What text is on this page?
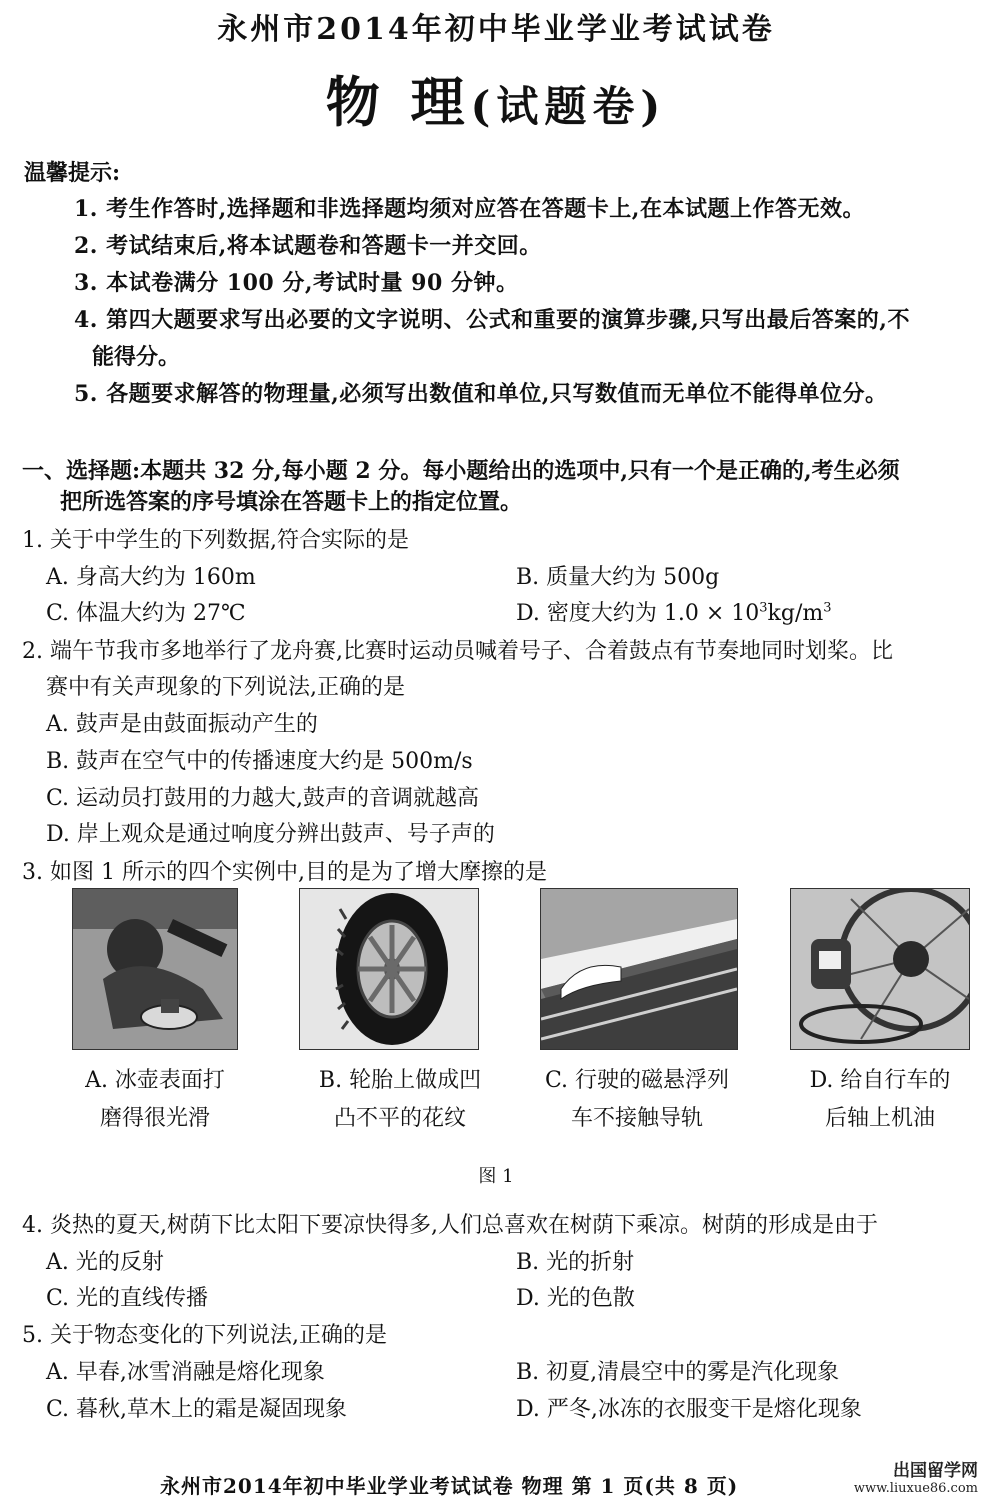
永州市2014年初中毕业学业考试试卷
物 理(试题卷)
温馨提示:
1. 考生作答时,选择题和非选择题均须对应答在答题卡上,在本试题上作答无效。
2. 考试结束后,将本试题卷和答题卡一并交回。
3. 本试卷满分 100 分,考试时量 90 分钟。
4. 第四大题要求写出必要的文字说明、公式和重要的演算步骤,只写出最后答案的,不
能得分。
5. 各题要求解答的物理量,必须写出数值和单位,只写数值而无单位不能得单位分。
一、选择题:本题共 32 分,每小题 2 分。每小题给出的选项中,只有一个是正确的,考生必须
把所选答案的序号填涂在答题卡上的指定位置。
1. 关于中学生的下列数据,符合实际的是
A. 身高大约为 160m	B. 质量大约为 500g
C. 体温大约为 27℃	D. 密度大约为 $1.0 \times 10^3kg/m^3$
2. 端午节我市多地举行了龙舟赛,比赛时运动员喊着号子、合着鼓点有节奏地同时划桨。比
赛中有关声现象的下列说法,正确的是
A. 鼓声是由鼓面振动产生的
B. 鼓声在空气中的传播速度大约是 500m/s
C. 运动员打鼓用的力越大,鼓声的音调就越高
D. 岸上观众是通过响度分辨出鼓声、号子声的
3. 如图 1 所示的四个实例中,目的是为了增大摩擦的是
A. 冰壶表面打
磨得很光滑
B. 轮胎上做成凹
凸不平的花纹
C. 行驶的磁悬浮列
车不接触导轨
D. 给自行车的
后轴上机油
图 1
4. 炎热的夏天,树荫下比太阳下要凉快得多,人们总喜欢在树荫下乘凉。树荫的形成是由于
A. 光的反射	B. 光的折射
C. 光的直线传播	D. 光的色散
5. 关于物态变化的下列说法,正确的是
A. 早春,冰雪消融是熔化现象	B. 初夏,清晨空中的雾是汽化现象
C. 暮秋,草木上的霜是凝固现象	D. 严冬,冰冻的衣服变干是熔化现象
永州市2014年初中毕业学业考试试卷 物理 第 1 页(共 8 页)
出国留学网
www.liuxue86.com
